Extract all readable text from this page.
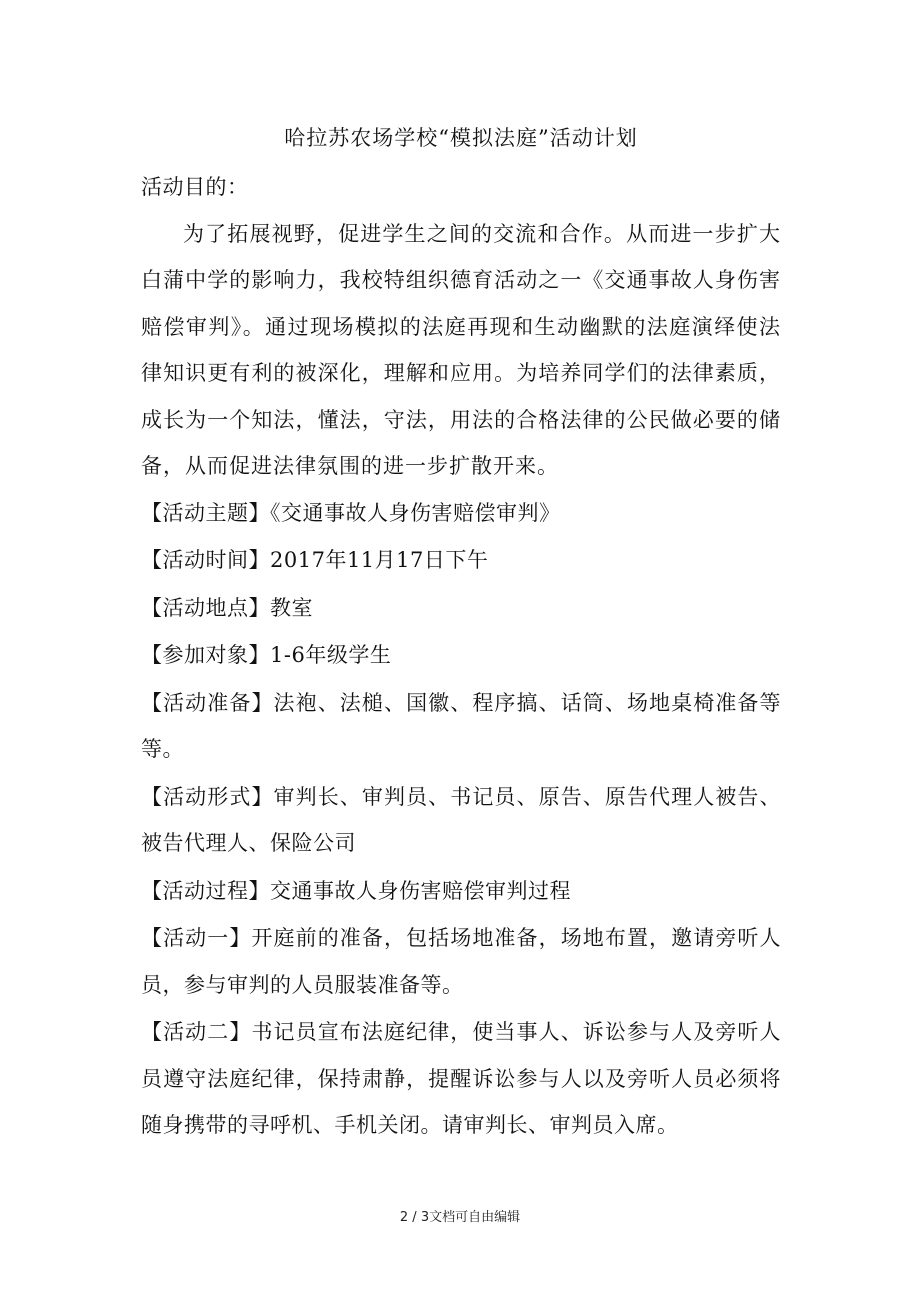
哈拉苏农场学校“模拟法庭”活动计划

活动目的：

为了拓展视野，促进学生之间的交流和合作。从而进一步扩大白蒲中学的影响力，我校特组织德育活动之一《交通事故人身伤害赔偿审判》。通过现场模拟的法庭再现和生动幽默的法庭演绎使法律知识更有利的被深化，理解和应用。为培养同学们的法律素质，成长为一个知法，懂法，守法，用法的合格法律的公民做必要的储备，从而促进法律氛围的进一步扩散开来。

【活动主题】《交通事故人身伤害赔偿审判》

【活动时间】2017年11月17日下午

【活动地点】教室

【参加对象】1-6年级学生

【活动准备】法袍、法槌、国徽、程序搞、话筒、场地桌椅准备等等。

【活动形式】审判长、审判员、书记员、原告、原告代理人被告、被告代理人、保险公司

【活动过程】交通事故人身伤害赔偿审判过程

【活动一】开庭前的准备，包括场地准备，场地布置，邀请旁听人员，参与审判的人员服装准备等。

【活动二】书记员宣布法庭纪律，使当事人、诉讼参与人及旁听人员遵守法庭纪律，保持肃静，提醒诉讼参与人以及旁听人员必须将随身携带的寻呼机、手机关闭。请审判长、审判员入席。

2 / 3文档可自由编辑
